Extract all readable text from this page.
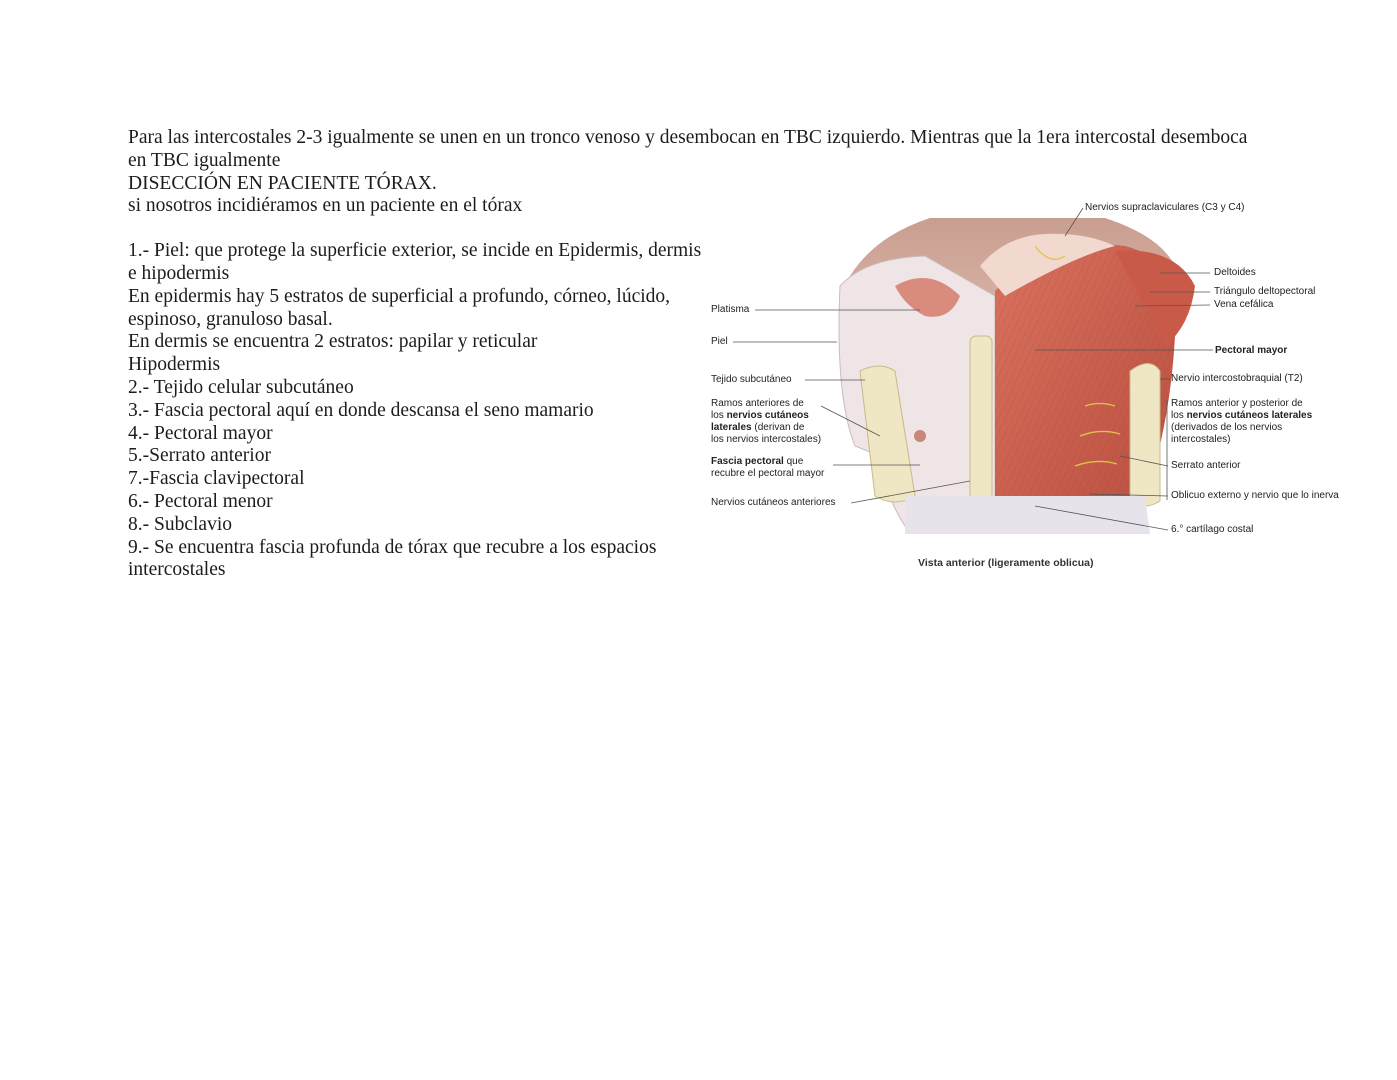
Para las intercostales 2-3 igualmente se unen en un tronco venoso y desembocan en TBC izquierdo. Mientras que la 1era intercostal desemboca en TBC igualmente

DISECCIÓN EN PACIENTE TÓRAX.

si nosotros incidiéramos en un paciente en el tórax

1.- Piel: que protege la superficie exterior, se incide en Epidermis, dermis e hipodermis

En epidermis hay 5 estratos de superficial a profundo, córneo, lúcido, espinoso, granuloso basal.

En dermis se encuentra 2 estratos: papilar y reticular

Hipodermis

2.- Tejido celular subcutáneo

3.- Fascia pectoral aquí en donde descansa el seno mamario

4.- Pectoral mayor

5.-Serrato anterior

7.-Fascia clavipectoral

6.- Pectoral menor

8.- Subclavio

9.- Se encuentra fascia profunda de tórax que recubre a los espacios intercostales

Platisma
Piel
Tejido subcutáneo
Ramos anteriores de
los nervios cutáneos
laterales (derivan de
los nervios intercostales)
Fascia pectoral que
recubre el pectoral mayor
Nervios cutáneos anteriores
Nervios supraclaviculares (C3 y C4)
Deltoides
Triángulo deltopectoral
Vena cefálica
Pectoral mayor
Nervio intercostobraquial (T2)
Ramos anterior y posterior de
los nervios cutáneos laterales
(derivados de los nervios
intercostales)
Serrato anterior
Oblicuo externo y nervio que lo inerva
6.° cartílago costal
Vista anterior (ligeramente oblicua)
